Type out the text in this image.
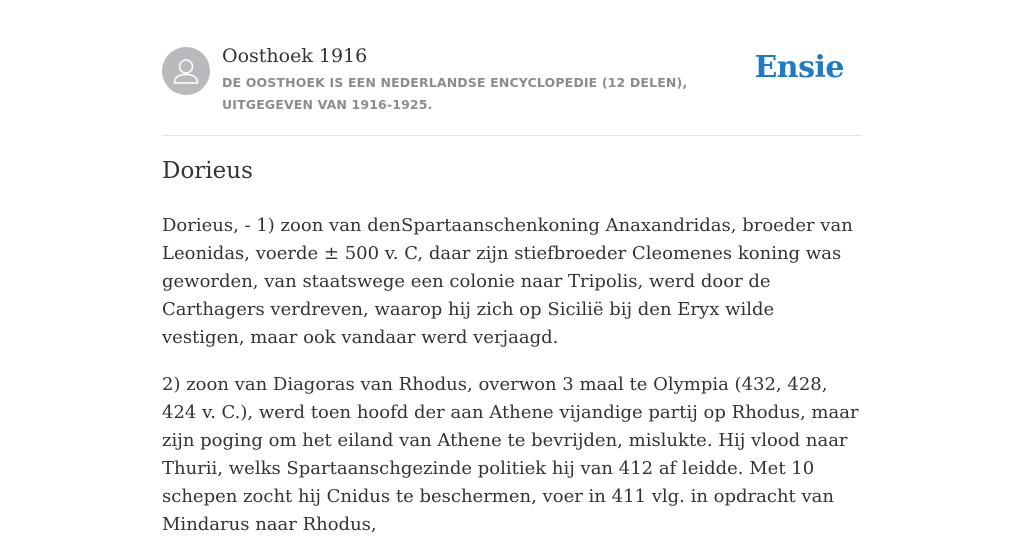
Oosthoek 1916
DE OOSTHOEK IS EEN NEDERLANDSE ENCYCLOPEDIE (12 DELEN), UITGEGEVEN VAN 1916-1925.
Ensie
Dorieus

Dorieus, - 1) zoon van denSpartaanschenkoning Anaxandridas, broeder van Leonidas, voerde ± 500 v. C, daar zijn stiefbroeder Cleomenes koning was geworden, van staatswege een colonie naar Tripolis, werd door de Carthagers verdreven, waarop hij zich op Sicilië bij den Eryx wilde vestigen, maar ook vandaar werd verjaagd.

2) zoon van Diagoras van Rhodus, overwon 3 maal te Olympia (432, 428, 424 v. C.), werd toen hoofd der aan Athene vijandige partij op Rhodus, maar zijn poging om het eiland van Athene te bevrijden, mislukte. Hij vlood naar Thurii, welks Spartaanschgezinde politiek hij van 412 af leidde. Met 10 schepen zocht hij Cnidus te beschermen, voer in 411 vlg. in opdracht van Mindarus naar Rhodus,
